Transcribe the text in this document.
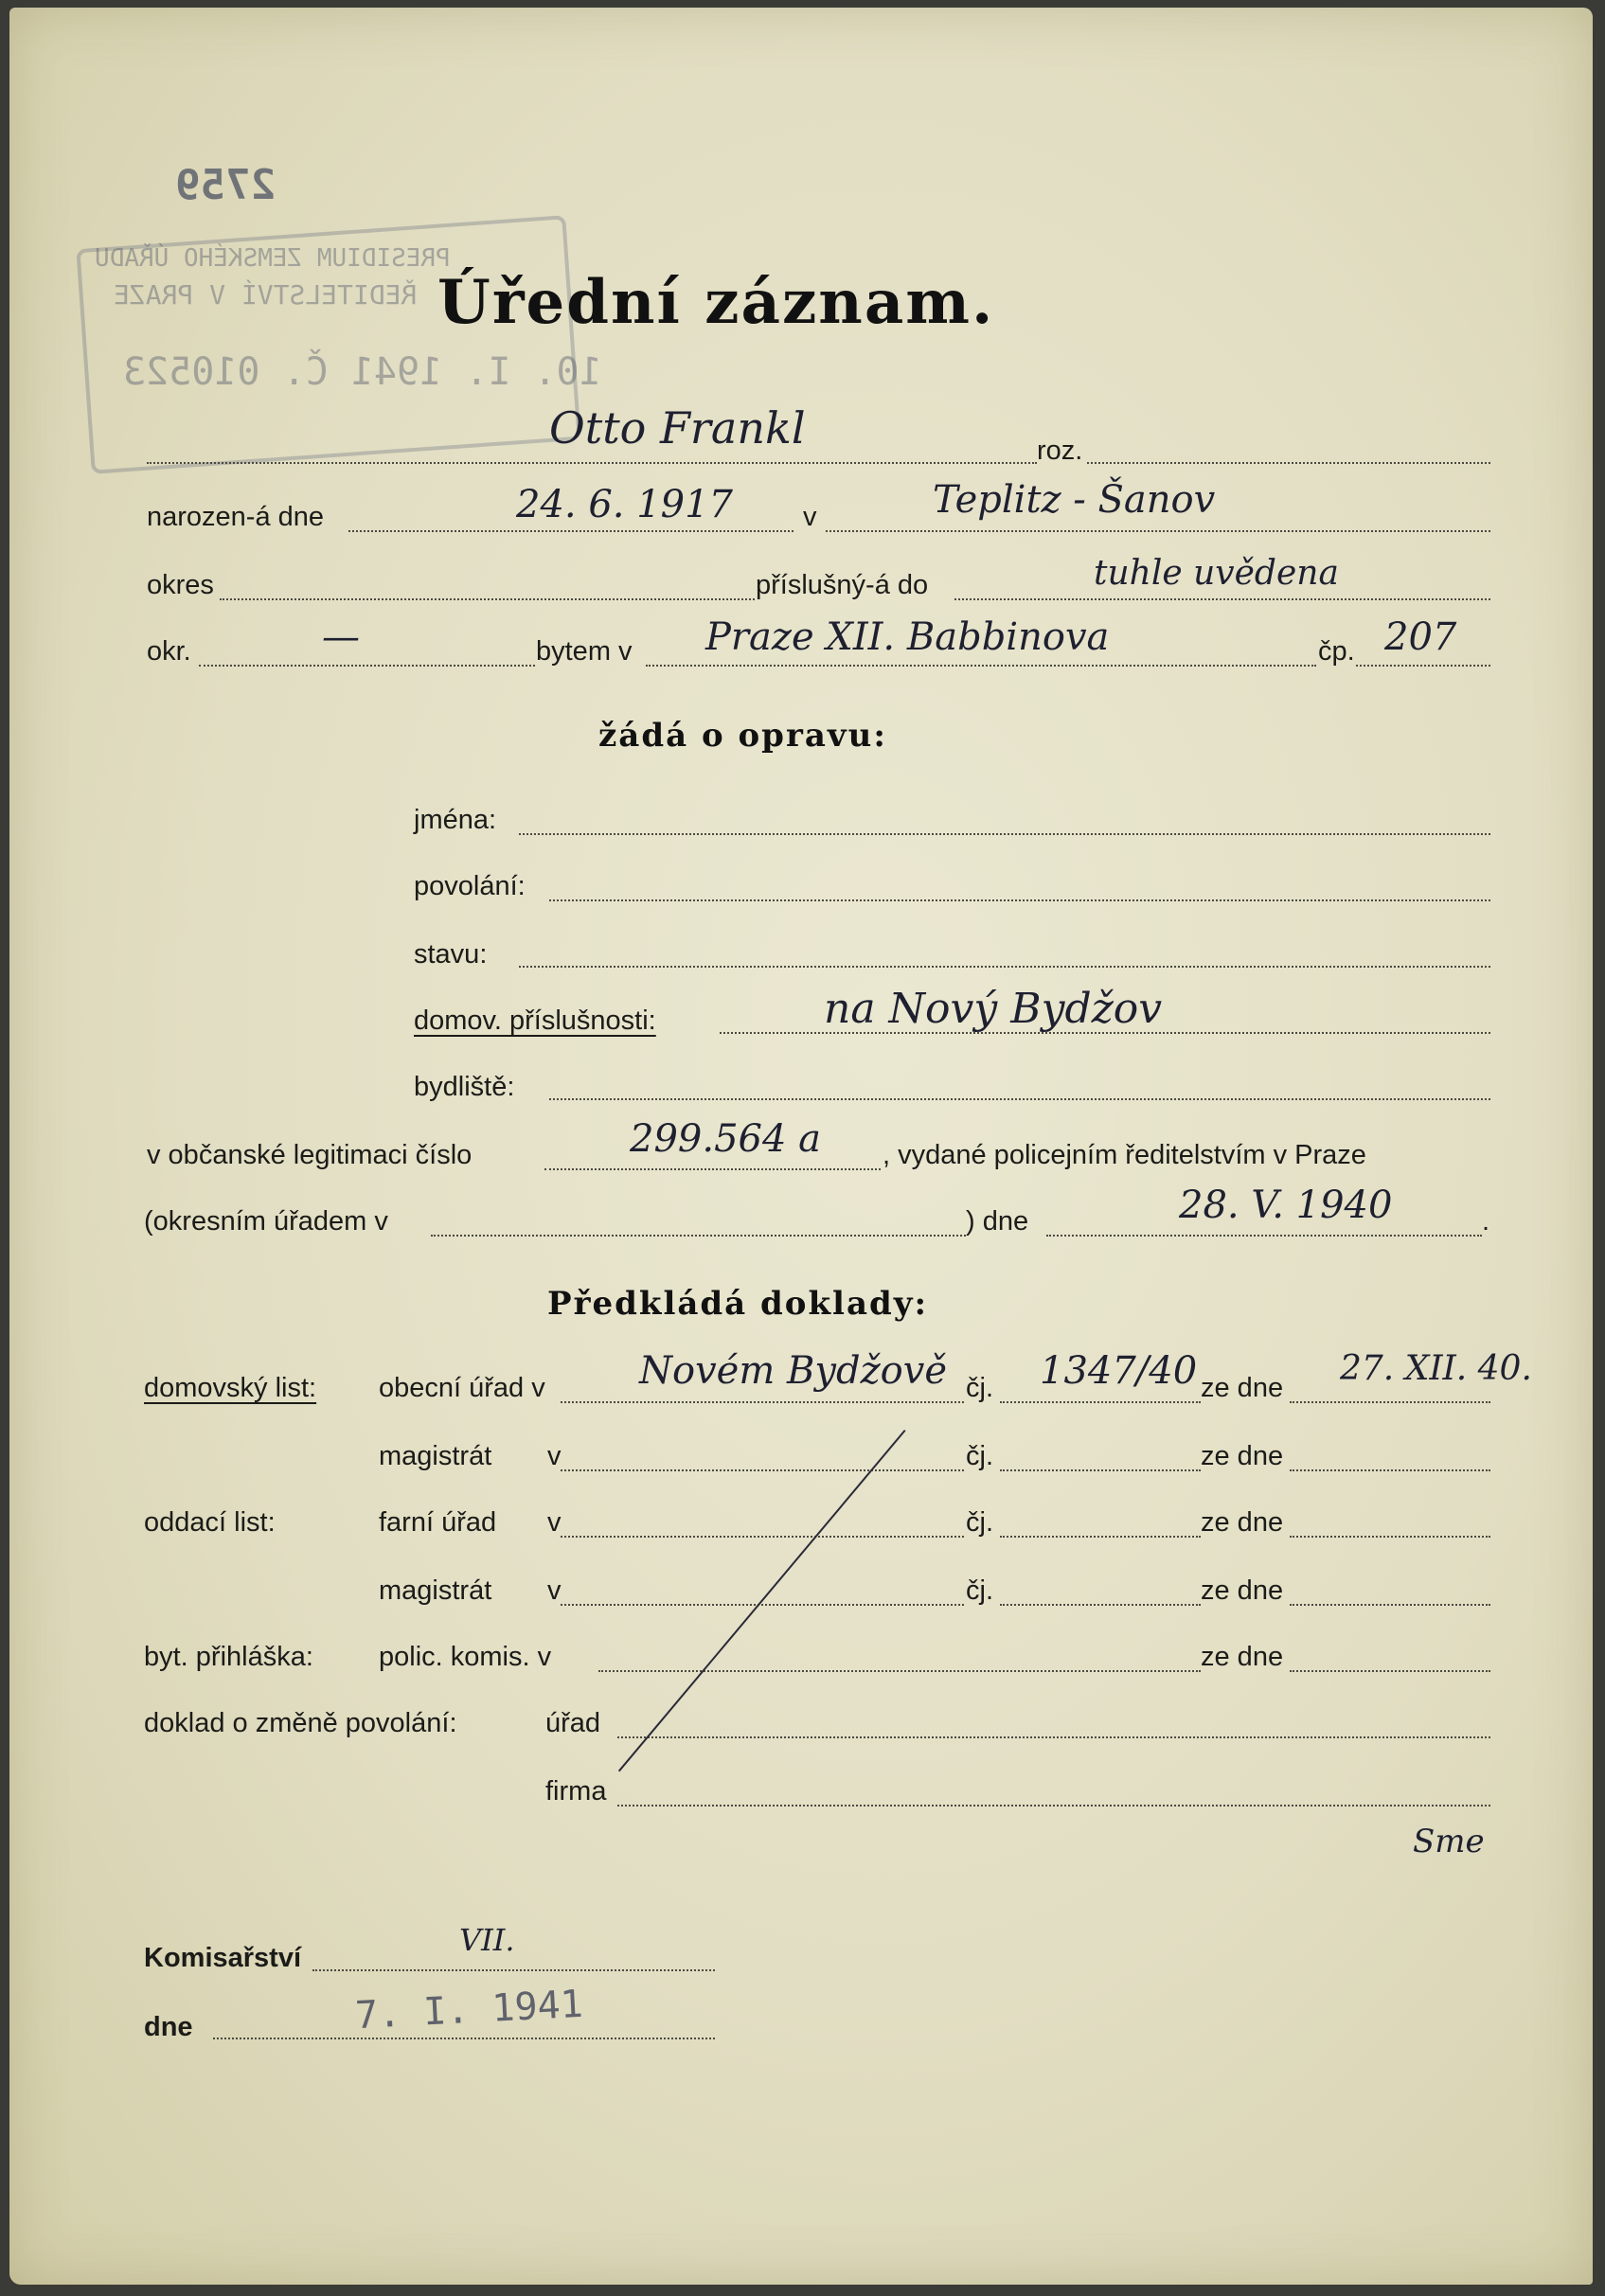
2759
PRESIDIUM ZEMSKÉHO ÚŘADU
ŘEDITELSTVÍ V PRAZE
10. I. 1941 Č. 010523
Úřední záznam.
Otto Frankl	roz.
narozen-á dne	24. 6. 1917	v	Teplitz - Šanov
okres	příslušný-á do	tuhle uvědena
okr.	—	bytem v Praze XII. Babbinova	čp. 207
žádá o opravu:
jména:
povolání:
stavu:
domov. příslušnosti:	na Nový Bydžov
bydliště:
v občanské legitimaci číslo	299.564 a , vydané policejním ředitelstvím v Praze
(okresním úřadem v	) dne	28. V. 1940	.
Předkládá doklady:
domovský list: obecní úřad v Novém Bydžově čj. 1347/40 ze dne 27. XII. 40.
magistrát v	čj.	ze dne
oddací list:	farní úřad v	čj.	ze dne
magistrát v	čj.	ze dne
byt. přihláška: polic. komis. v	ze dne
doklad o změně povolání:	úřad
firma
Sme
Komisařství	VII.
dne	7. I. 1941
